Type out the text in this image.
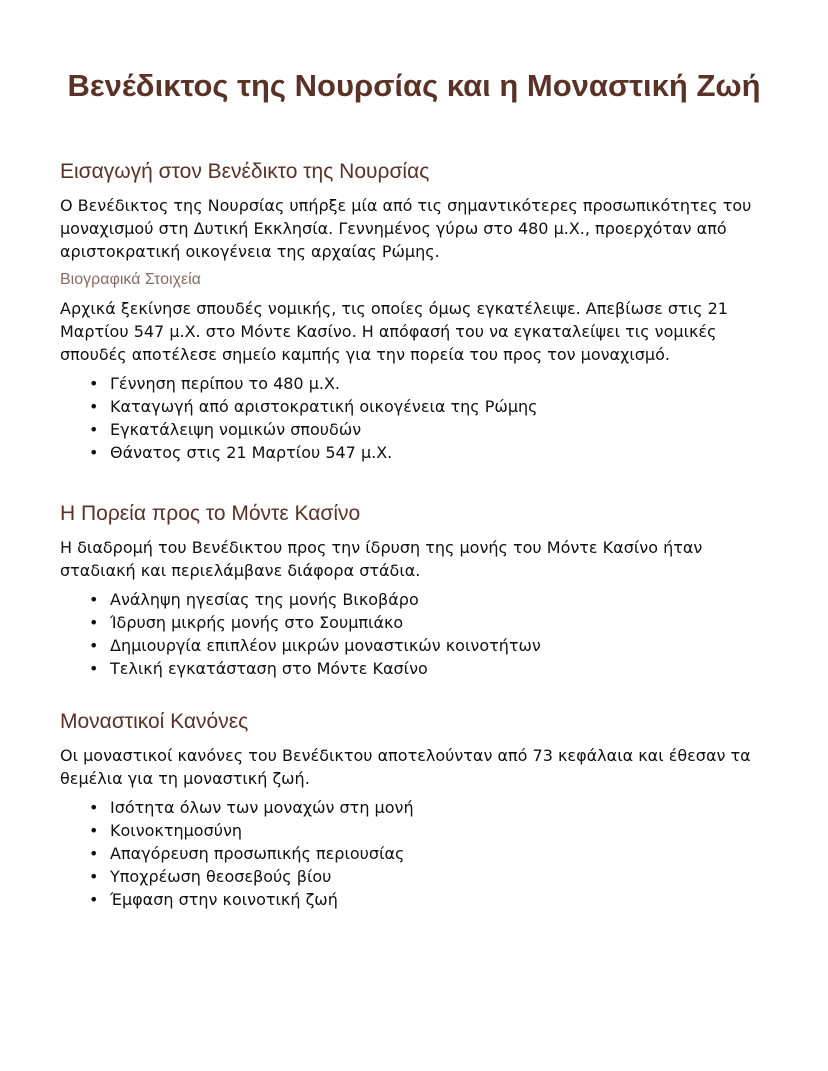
Βενέδικτος της Νουρσίας και η Μοναστική Ζωή
Εισαγωγή στον Βενέδικτο της Νουρσίας

Ο Βενέδικτος της Νουρσίας υπήρξε μία από τις σημαντικότερες προσωπικότητες του μοναχισμού στη Δυτική Εκκλησία. Γεννημένος γύρω στο 480 μ.Χ., προερχόταν από αριστοκρατική οικογένεια της αρχαίας Ρώμης.

Βιογραφικά Στοιχεία

Αρχικά ξεκίνησε σπουδές νομικής, τις οποίες όμως εγκατέλειψε. Απεβίωσε στις 21 Μαρτίου 547 μ.Χ. στο Μόντε Κασίνο. Η απόφασή του να εγκαταλείψει τις νομικές σπουδές αποτέλεσε σημείο καμπής για την πορεία του προς τον μοναχισμό.

• Γέννηση περίπου το 480 μ.Χ.
• Καταγωγή από αριστοκρατική οικογένεια της Ρώμης
• Εγκατάλειψη νομικών σπουδών
• Θάνατος στις 21 Μαρτίου 547 μ.Χ.
Η Πορεία προς το Μόντε Κασίνο

Η διαδρομή του Βενέδικτου προς την ίδρυση της μονής του Μόντε Κασίνο ήταν σταδιακή και περιελάμβανε διάφορα στάδια.

• Ανάληψη ηγεσίας της μονής Βικοβάρο
• Ίδρυση μικρής μονής στο Σουμπιάκο
• Δημιουργία επιπλέον μικρών μοναστικών κοινοτήτων
• Τελική εγκατάσταση στο Μόντε Κασίνο
Μοναστικοί Κανόνες

Οι μοναστικοί κανόνες του Βενέδικτου αποτελούνταν από 73 κεφάλαια και έθεσαν τα θεμέλια για τη μοναστική ζωή.

• Ισότητα όλων των μοναχών στη μονή
• Κοινοκτημοσύνη
• Απαγόρευση προσωπικής περιουσίας
• Υποχρέωση θεοσεβούς βίου
• Έμφαση στην κοινοτική ζωή
